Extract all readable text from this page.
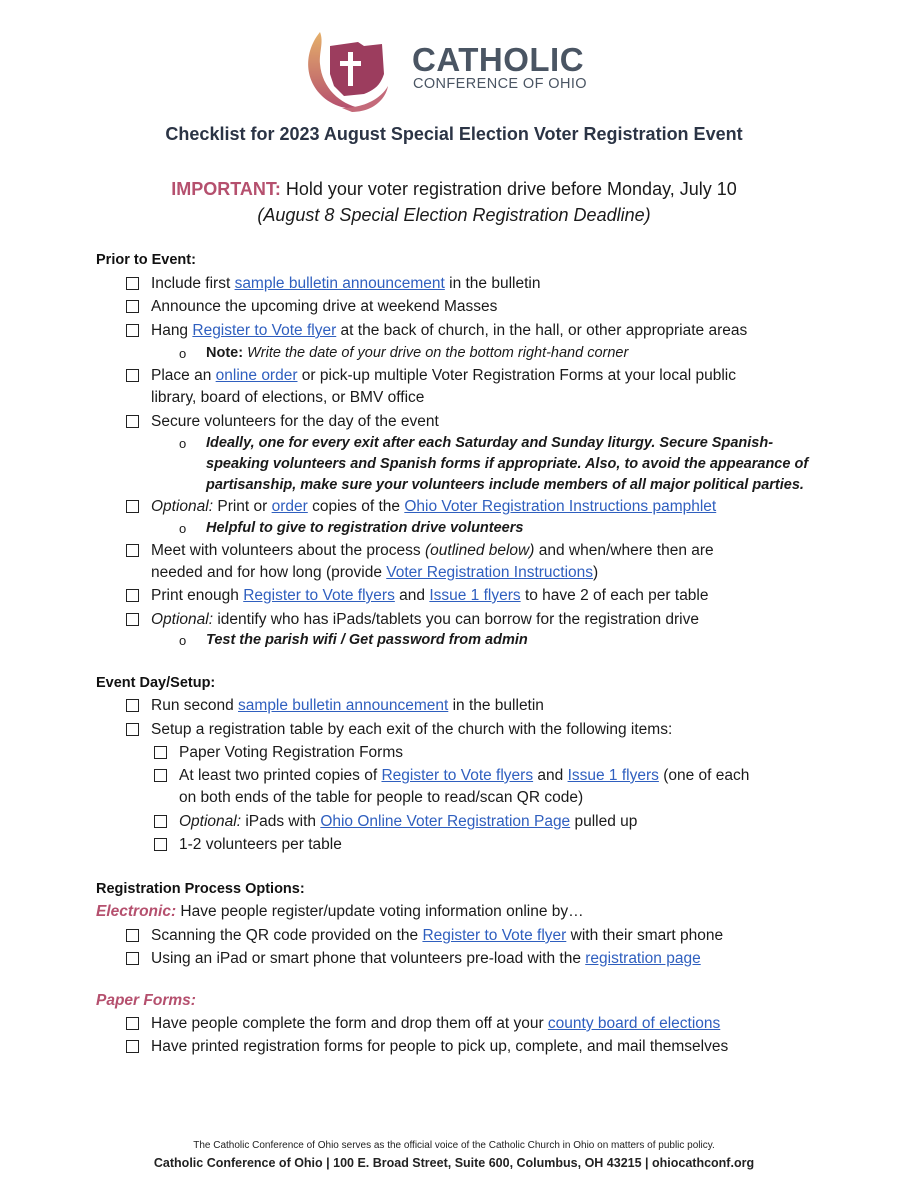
CATHOLIC
CONFERENCE OF OHIO
Checklist for 2023 August Special Election Voter Registration Event
IMPORTANT: Hold your voter registration drive before Monday, July 10
(August 8 Special Election Registration Deadline)
Prior to Event:
Include first sample bulletin announcement in the bulletin
Announce the upcoming drive at weekend Masses
Hang Register to Vote flyer at the back of church, in the hall, or other appropriate areas
o Note: Write the date of your drive on the bottom right-hand corner
Place an online order or pick-up multiple Voter Registration Forms at your local public
library, board of elections, or BMV office
Secure volunteers for the day of the event
o Ideally, one for every exit after each Saturday and Sunday liturgy. Secure Spanish-
speaking volunteers and Spanish forms if appropriate. Also, to avoid the appearance of
partisanship, make sure your volunteers include members of all major political parties.
Optional: Print or order copies of the Ohio Voter Registration Instructions pamphlet
o Helpful to give to registration drive volunteers
Meet with volunteers about the process (outlined below) and when/where then are
needed and for how long (provide Voter Registration Instructions)
Print enough Register to Vote flyers and Issue 1 flyers to have 2 of each per table
Optional: identify who has iPads/tablets you can borrow for the registration drive
o Test the parish wifi / Get password from admin
Event Day/Setup:
Run second sample bulletin announcement in the bulletin
Setup a registration table by each exit of the church with the following items:
Paper Voting Registration Forms
At least two printed copies of Register to Vote flyers and Issue 1 flyers (one of each
on both ends of the table for people to read/scan QR code)
Optional: iPads with Ohio Online Voter Registration Page pulled up
1-2 volunteers per table
Registration Process Options:
Electronic: Have people register/update voting information online by…
Scanning the QR code provided on the Register to Vote flyer with their smart phone
Using an iPad or smart phone that volunteers pre-load with the registration page
Paper Forms:
Have people complete the form and drop them off at your county board of elections
Have printed registration forms for people to pick up, complete, and mail themselves
The Catholic Conference of Ohio serves as the official voice of the Catholic Church in Ohio on matters of public policy.
Catholic Conference of Ohio | 100 E. Broad Street, Suite 600, Columbus, OH 43215 | ohiocathconf.org
